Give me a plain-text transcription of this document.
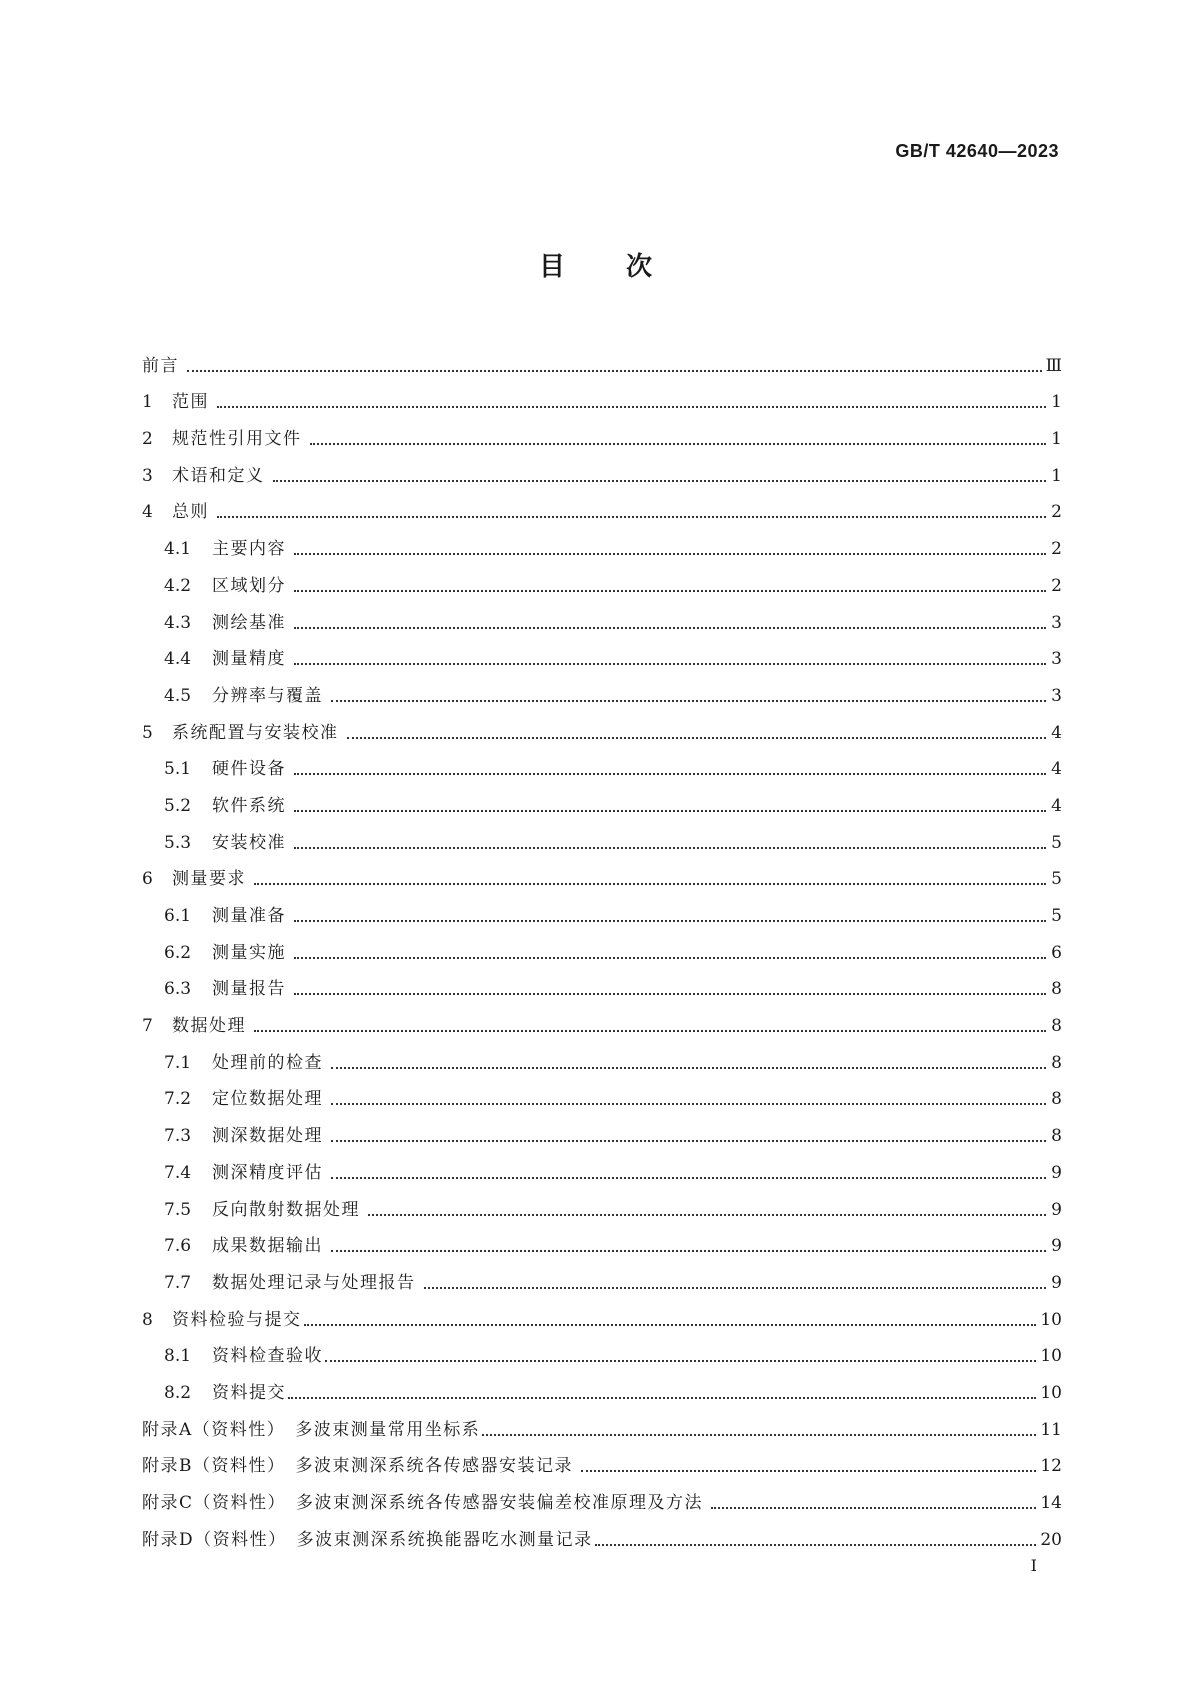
GB/T 42640—2023
目 次
前言	Ⅲ
1	范围	1
2	规范性引用文件	1
3	术语和定义	1
4	总则	2
4.1	主要内容	2
4.2	区域划分	2
4.3	测绘基准	3
4.4	测量精度	3
4.5	分辨率与覆盖	3
5	系统配置与安装校准	4
5.1	硬件设备	4
5.2	软件系统	4
5.3	安装校准	5
6	测量要求	5
6.1	测量准备	5
6.2	测量实施	6
6.3	测量报告	8
7	数据处理	8
7.1	处理前的检查	8
7.2	定位数据处理	8
7.3	测深数据处理	8
7.4	测深精度评估	9
7.5	反向散射数据处理	9
7.6	成果数据输出	9
7.7	数据处理记录与处理报告	9
8	资料检验与提交	10
8.1	资料检查验收	10
8.2	资料提交	10
附录A（资料性）　多波束测量常用坐标系	11
附录B（资料性）　多波束测深系统各传感器安装记录	12
附录C（资料性）　多波束测深系统各传感器安装偏差校准原理及方法	14
附录D（资料性）　多波束测深系统换能器吃水测量记录	20
I
